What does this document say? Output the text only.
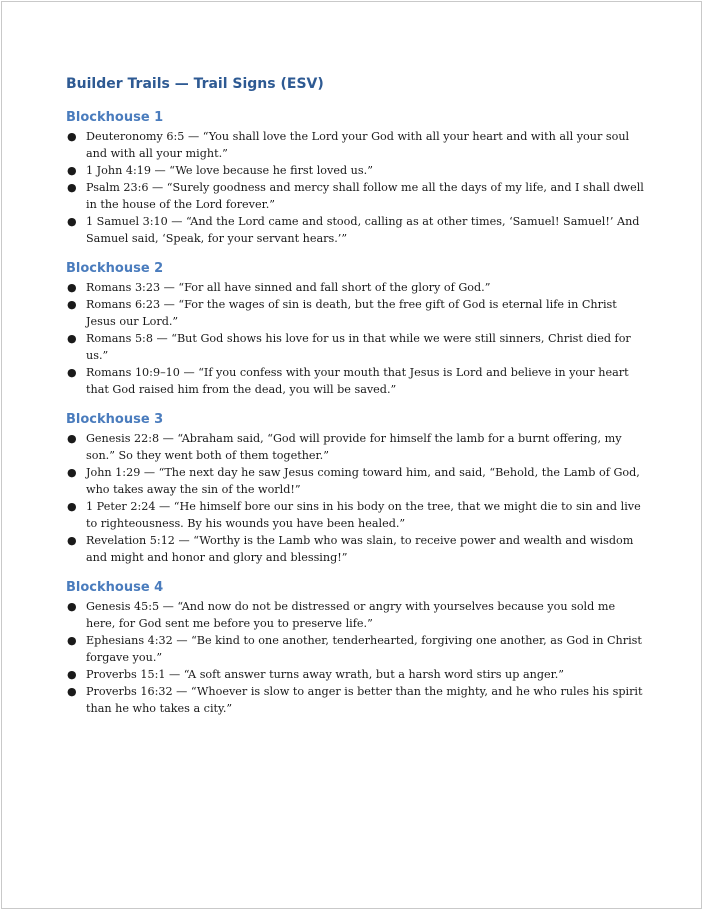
Builder Trails — Trail Signs (ESV)
Blockhouse 1
● Deuteronomy 6:5 — “You shall love the Lord your God with all your heart and with all your soul and with all your might.”
● 1 John 4:19 — “We love because he first loved us.”
● Psalm 23:6 — “Surely goodness and mercy shall follow me all the days of my life, and I shall dwell in the house of the Lord forever.”
● 1 Samuel 3:10 — “And the Lord came and stood, calling as at other times, ‘Samuel! Samuel!’ And Samuel said, ‘Speak, for your servant hears.’”
Blockhouse 2
● Romans 3:23 — “For all have sinned and fall short of the glory of God.”
● Romans 6:23 — “For the wages of sin is death, but the free gift of God is eternal life in Christ Jesus our Lord.”
● Romans 5:8 — “But God shows his love for us in that while we were still sinners, Christ died for us.”
● Romans 10:9–10 — “If you confess with your mouth that Jesus is Lord and believe in your heart that God raised him from the dead, you will be saved.”
Blockhouse 3
● Genesis 22:8 — “Abraham said, “God will provide for himself the lamb for a burnt offering, my son.” So they went both of them together.”
● John 1:29 — “The next day he saw Jesus coming toward him, and said, “Behold, the Lamb of God, who takes away the sin of the world!”
● 1 Peter 2:24 — “He himself bore our sins in his body on the tree, that we might die to sin and live to righteousness. By his wounds you have been healed.”
● Revelation 5:12 — “Worthy is the Lamb who was slain, to receive power and wealth and wisdom and might and honor and glory and blessing!”
Blockhouse 4
● Genesis 45:5 — “And now do not be distressed or angry with yourselves because you sold me here, for God sent me before you to preserve life.”
● Ephesians 4:32 — “Be kind to one another, tenderhearted, forgiving one another, as God in Christ forgave you.”
● Proverbs 15:1 — “A soft answer turns away wrath, but a harsh word stirs up anger.”
● Proverbs 16:32 — “Whoever is slow to anger is better than the mighty, and he who rules his spirit than he who takes a city.”
